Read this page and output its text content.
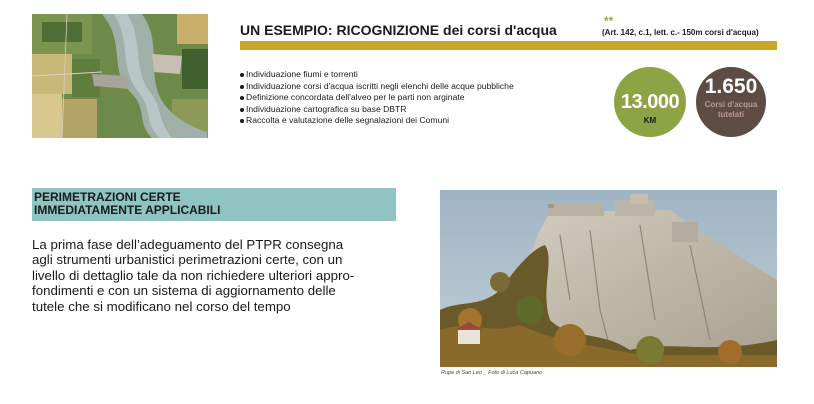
UN ESEMPIO: RICOGNIZIONE dei corsi d'acqua
**
(Art. 142, c.1, lett. c.- 150m corsi d'acqua)
Individuazione fiumi e torrenti
Individuazione corsi d'acqua iscritti negli elenchi delle acque pubbliche
Definizione concordata dell'alveo per le parti non arginate
Individuazione cartografica su base DBTR
Raccolta e valutazione delle segnalazioni dei Comuni
13.000
KM
1.650
Corsi d'acqua
tutelati
PERIMETRAZIONI CERTE
IMMEDIATAMENTE APPLICABILI
La prima fase dell’adeguamento del PTPR consegna
agli strumenti urbanistici perimetrazioni certe, con un
livello di dettaglio tale da non richiedere ulteriori appro-
fondimenti e con un sistema di aggiornamento delle
tutele che si modificano nel corso del tempo
Rupe di San Leo _ Foto di Luca Capuano
